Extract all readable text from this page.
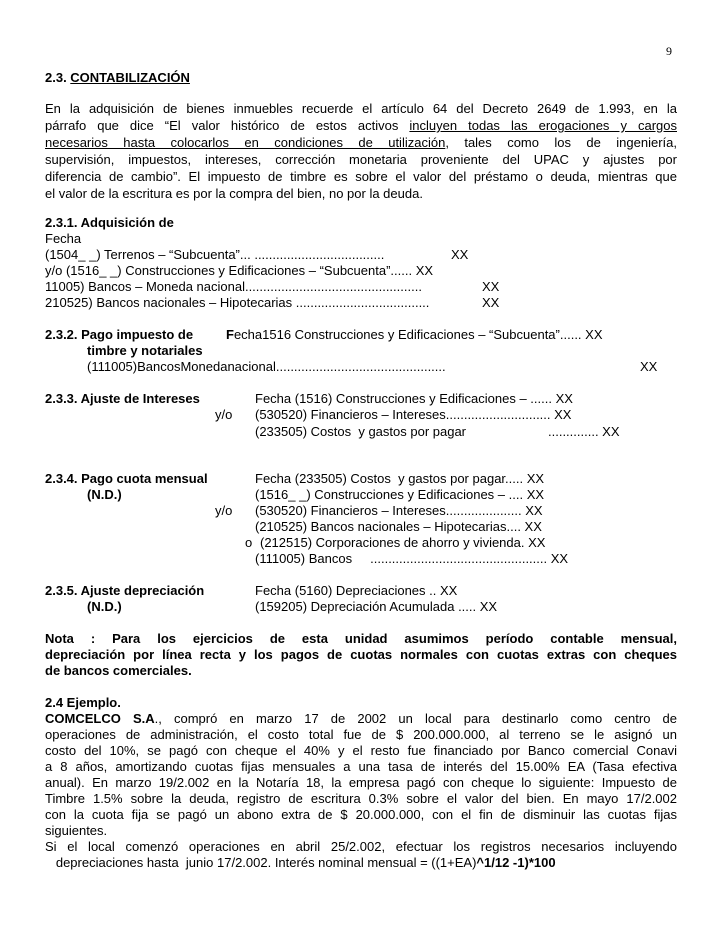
9
2.3. CONTABILIZACIÓN
En la adquisición de bienes inmuebles recuerde el artículo 64 del Decreto 2649 de 1.993, en la
párrafo que dice “El valor histórico de estos activos incluyen todas las erogaciones y cargos
necesarios hasta colocarlos en condiciones de utilización, tales como los de ingeniería,
supervisión, impuestos, intereses, corrección monetaria proveniente del UPAC y ajustes por
diferencia de cambio”. El impuesto de timbre es sobre el valor del préstamo o deuda, mientras que
el valor de la escritura es por la compra del bien, no por la deuda.
2.3.1. Adquisición de
Fecha
(1504_ _) Terrenos – “Subcuenta”... ....................................	XX
y/o (1516_ _) Construcciones y Edificaciones – “Subcuenta”...... XX
11005) Bancos – Moneda nacional.................................................	XX
210525) Bancos nacionales – Hipotecarias .....................................	XX
2.3.2. Pago impuesto de	Fecha1516 Construcciones y Edificaciones – “Subcuenta”...... XX
timbre y notariales
(111005)BancosMonedanacional...............................................	XX
2.3.3. Ajuste de Intereses	Fecha (1516) Construcciones y Edificaciones – ...... XX
y/o (530520) Financieros – Intereses............................. XX
(233505) Costos  y gastos por pagar	.............. XX
2.3.4. Pago cuota mensual	Fecha (233505) Costos  y gastos por pagar..... XX
(N.D.)	(1516_ _) Construcciones y Edificaciones – .... XX
y/o (530520) Financieros – Intereses..................... XX
(210525) Bancos nacionales – Hipotecarias.... XX
o (212515) Corporaciones de ahorro y vivienda. XX
(111005) Bancos     ................................................. XX
2.3.5. Ajuste depreciación	Fecha (5160) Depreciaciones .. XX
(N.D.)	(159205) Depreciación Acumulada ..... XX
Nota : Para los ejercicios de esta unidad asumimos período contable mensual,
depreciación por línea recta y los pagos de cuotas normales con cuotas extras con cheques
de bancos comerciales.
2.4 Ejemplo.
COMCELCO S.A., compró en marzo 17 de 2002 un local para destinarlo como centro de
operaciones de administración, el costo total fue de $ 200.000.000, al terreno se le asignó un
costo del 10%, se pagó con cheque el 40% y el resto fue financiado por Banco comercial Conavi
a 8 años, amortizando cuotas fijas mensuales a una tasa de interés del 15.00% EA (Tasa efectiva
anual). En marzo 19/2.002 en la Notaría 18, la empresa pagó con cheque lo siguiente: Impuesto de
Timbre 1.5% sobre la deuda, registro de escritura 0.3% sobre el valor del bien. En mayo 17/2.002
con la cuota fija se pagó un abono extra de $ 20.000.000, con el fin de disminuir las cuotas fijas
siguientes.
Si el local comenzó operaciones en abril 25/2.002, efectuar los registros necesarios incluyendo
depreciaciones hasta  junio 17/2.002. Interés nominal mensual = ((1+EA)^1/12 -1)*100
